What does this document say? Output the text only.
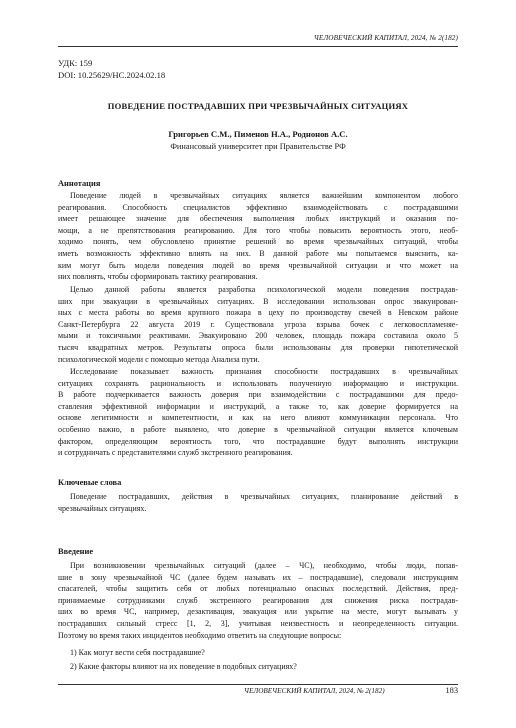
ЧЕЛОВЕЧЕСКИЙ КАПИТАЛ, 2024, № 2(182)
УДК: 159
DOI: 10.25629/HC.2024.02.18
ПОВЕДЕНИЕ ПОСТРАДАВШИХ ПРИ ЧРЕЗВЫЧАЙНЫХ СИТУАЦИЯХ
Григорьев С.М., Пименов Н.А., Роднонов А.С.
Финансовый университет при Правительстве РФ
Аннотация
Поведение людей в чрезвычайных ситуациях является важнейшим компонентом любого
реагирования. Способность специалистов эффективно взаимодействовать с пострадавшими
имеет решающее значение для обеспечения выполнения любых инструкций и оказания по-
мощи, а не препятствования реагированию. Для того чтобы повысить вероятность этого, необ-
ходимо понять, чем обусловлено принятие решений во время чрезвычайных ситуаций, чтобы
иметь возможность эффективно влиять на них. В данной работе мы попытаемся выяснить, ка-
ким могут быть модели поведения людей во время чрезвычайной ситуации и что может на
них повлиять, чтобы сформировать тактику реагирования.
Целью данной работы является разработка психологической модели поведения пострадав-
ших при эвакуации в чрезвычайных ситуациях. В исследовании использован опрос эвакуирован-
ных с места работы во время крупного пожара в цеху по производству свечей в Невском районе
Санкт-Петербурга 22 августа 2019 г. Существовала угроза взрыва бочек с легковоспламеняе-
мыми и токсичными реактивами. Эвакуировано 200 человек, площадь пожара составила около 5
тысяч квадратных метров. Результаты опроса были использованы для проверки гипотетической
психологической модели с помощью метода Анализа пути.
Исследование показывает важность признания способности пострадавших в чрезвычайных
ситуациях сохранять рациональность и использовать полученную информацию и инструкции.
В работе подчеркивается важность доверия при взаимодействии с пострадавшими для предо-
ставления эффективной информации и инструкций, а также то, как доверие формируется на
основе легитимности и компетентности, и как на него влияют коммуникации персонала. Что
особенно важно, в работе выявлено, что доверие в чрезвычайной ситуации является ключевым
фактором, определяющим вероятность того, что пострадавшие будут выполнять инструкции
и сотрудничать с представителями служб экстренного реагирования.
Ключевые слова
Поведение пострадавших, действия в чрезвычайных ситуациях, планирование действий в
чрезвычайных ситуациях.
Введение
При возникновении чрезвычайных ситуаций (далее – ЧС), необходимо, чтобы люди, попав-
шие в зону чрезвычайной ЧС (далее будем называть их – пострадавшие), следовали инструкциям
спасателей, чтобы защитить себя от любых потенциально опасных последствий. Действия, пред-
принимаемые сотрудниками служб экстренного реагирования для снижения риска пострадав-
ших во время ЧС, например, дезактивация, эвакуация или укрытие на месте, могут вызывать у
пострадавших сильный стресс [1, 2, 3], учитывая неизвестность и неопределенность ситуации.
Поэтому во время таких инцидентов необходимо ответить на следующие вопросы:
1) Как могут вести себя пострадавшие?
2) Какие факторы влияют на их поведение в подобных ситуациях?
ЧЕЛОВЕЧЕСКИЙ КАПИТАЛ, 2024, № 2(182)	183
